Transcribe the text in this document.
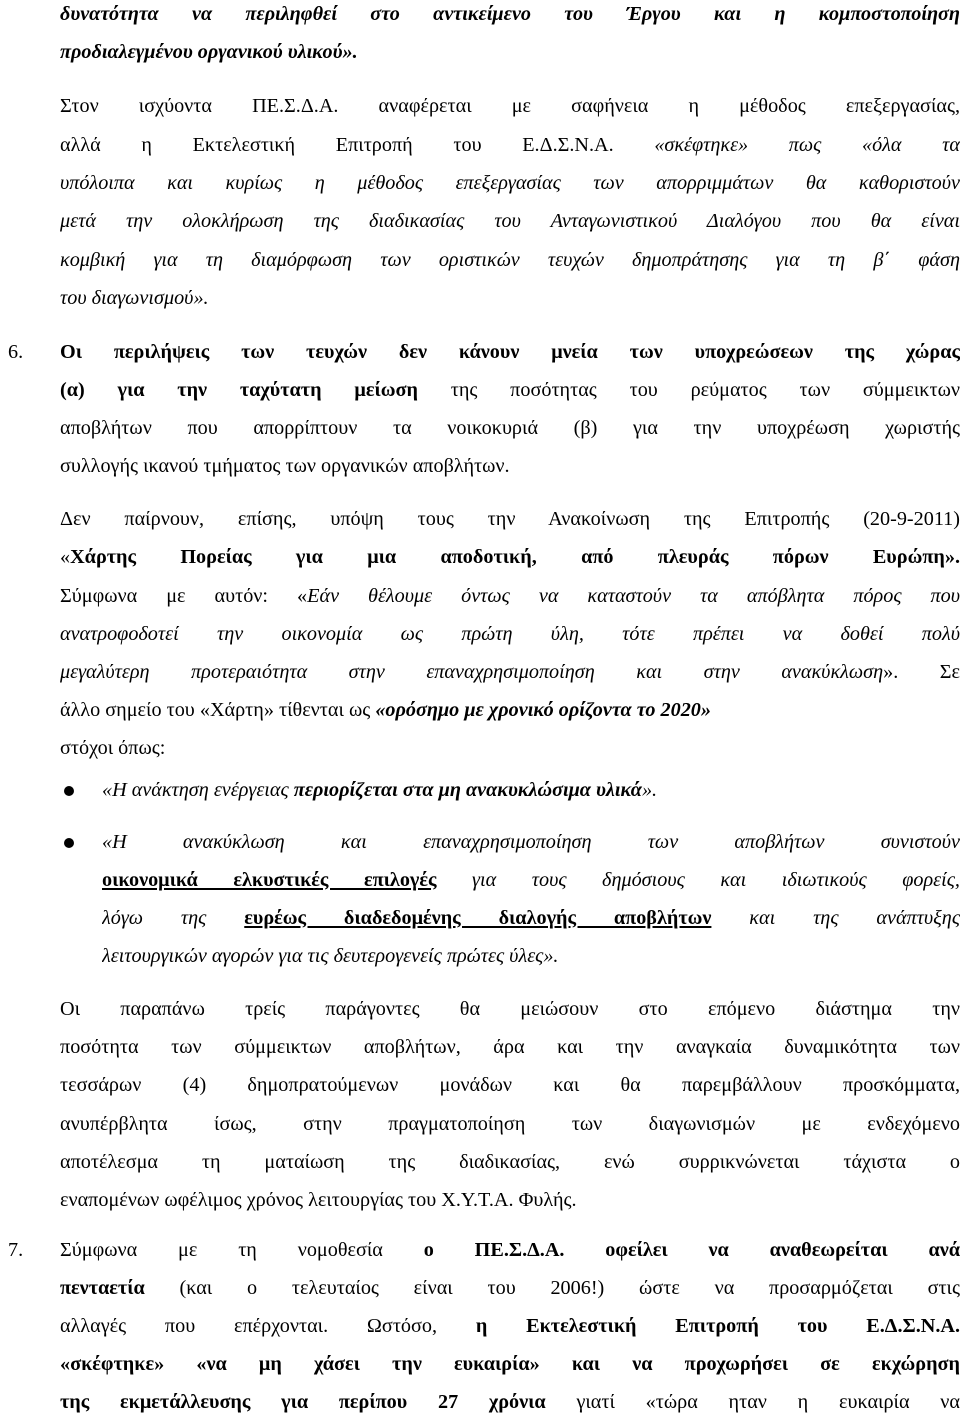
δυνατότητα να περιληφθεί στο αντικείμενο του Έργου και η κομποστοποίηση
προδιαλεγμένου οργανικού υλικού».
Στον ισχύοντα ΠΕ.Σ.Δ.Α. αναφέρεται με σαφήνεια η μέθοδος επεξεργασίας,
αλλά η Εκτελεστική Επιτροπή του Ε.Δ.Σ.Ν.Α. «σκέφτηκε» πως «όλα τα
υπόλοιπα και κυρίως η μέθοδος επεξεργασίας των απορριμμάτων θα καθοριστούν
μετά την ολοκλήρωση της διαδικασίας του Ανταγωνιστικού Διαλόγου που θα είναι
κομβική για τη διαμόρφωση των οριστικών τευχών δημοπράτησης για τη β΄ φάση
του διαγωνισμού».
6. Οι περιλήψεις των τευχών δεν κάνουν μνεία των υποχρεώσεων της χώρας
(α) για την ταχύτατη μείωση της ποσότητας του ρεύματος των σύμμεικτων
αποβλήτων που απορρίπτουν τα νοικοκυριά (β) για την υποχρέωση χωριστής
συλλογής ικανού τμήματος των οργανικών αποβλήτων.
Δεν παίρνουν, επίσης, υπόψη τους την Ανακοίνωση της Επιτροπής (20-9-2011)
«Χάρτης Πορείας για μια αποδοτική, από πλευράς πόρων Ευρώπη».
Σύμφωνα με αυτόν: «Εάν θέλουμε όντως να καταστούν τα απόβλητα πόρος που
ανατροφοδοτεί την οικονομία ως πρώτη ύλη, τότε πρέπει να δοθεί πολύ
μεγαλύτερη προτεραιότητα στην επαναχρησιμοποίηση και στην ανακύκλωση». Σε
άλλο σημείο του «Χάρτη» τίθενται ως «ορόσημο με χρονικό ορίζοντα το 2020»
στόχοι όπως:
«Η ανάκτηση ενέργειας περιορίζεται στα μη ανακυκλώσιμα υλικά».
«Η ανακύκλωση και επαναχρησιμοποίηση των αποβλήτων συνιστούν
οικονομικά ελκυστικές επιλογές για τους δημόσιους και ιδιωτικούς φορείς,
λόγω της ευρέως διαδεδομένης διαλογής αποβλήτων και της ανάπτυξης
λειτουργικών αγορών για τις δευτερογενείς πρώτες ύλες».
Οι παραπάνω τρείς παράγοντες θα μειώσουν στο επόμενο διάστημα την
ποσότητα των σύμμεικτων αποβλήτων, άρα και την αναγκαία δυναμικότητα των
τεσσάρων (4) δημοπρατούμενων μονάδων και θα παρεμβάλλουν προσκόμματα,
ανυπέρβλητα ίσως, στην πραγματοποίηση των διαγωνισμών με ενδεχόμενο
αποτέλεσμα τη ματαίωση της διαδικασίας, ενώ συρρικνώνεται τάχιστα ο
εναπομένων ωφέλιμος χρόνος λειτουργίας του Χ.Υ.Τ.Α. Φυλής.
7. Σύμφωνα με τη νομοθεσία ο ΠΕ.Σ.Δ.Α. οφείλει να αναθεωρείται ανά
πενταετία (και ο τελευταίος είναι του 2006!) ώστε να προσαρμόζεται στις
αλλαγές που επέρχονται. Ωστόσο, η Εκτελεστική Επιτροπή του Ε.Δ.Σ.Ν.Α.
«σκέφτηκε» «να μη χάσει την ευκαιρία» και να προχωρήσει σε εκχώρηση
της εκμετάλλευσης για περίπου 27 χρόνια γιατί «τώρα ηταν η ευκαιρία να
